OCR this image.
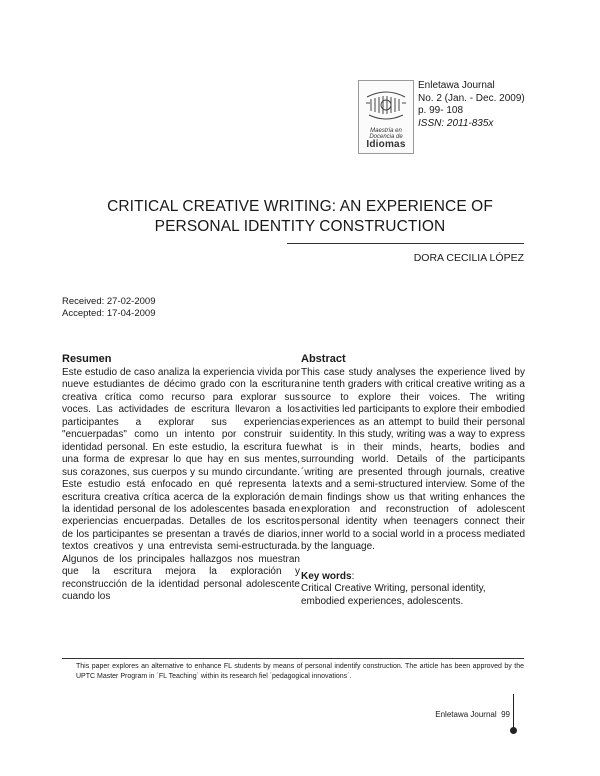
Maestría en
Docencia de
Idiomas
Enletawa Journal
No. 2 (Jan. - Dec. 2009)
p. 99- 108
ISSN: 2011-835x
CRITICAL CREATIVE WRITING: AN EXPERIENCE OF
PERSONAL IDENTITY CONSTRUCTION
DORA CECILIA LÓPEZ
Received: 27-02-2009
Accepted: 17-04-2009
Resumen

Este estudio de caso analiza la experiencia vivida por nueve estudiantes de décimo grado con la escritura creativa crítica como recurso para explorar sus voces. Las actividades de escritura llevaron a los participantes a explorar sus experiencias "encuerpadas" como un intento por construir su identidad personal. En este estudio, la escritura fue una forma de expresar lo que hay en sus mentes, sus corazones, sus cuerpos y su mundo circundante. Este estudio está enfocado en qué representa la escritura creativa crítica acerca de la exploración de la identidad personal de los adolescentes basada en experiencias encuerpadas. Detalles de los escritos de los participantes se presentan a través de diarios, textos creativos y una entrevista semi-estructurada. Algunos de los principales hallazgos nos muestran que la escritura mejora la exploración y reconstrucción de la identidad personal adolescente cuando los

Abstract

This case study analyses the experience lived by nine tenth graders with critical creative writing as a source to explore their voices. The writing activities led participants to explore their embodied experiences as an attempt to build their personal identity. In this study, writing was a way to express what is in their minds, hearts, bodies and surrounding world. Details of the participants´writing are presented through journals, creative texts and a semi-structured interview. Some of the main findings show us that writing enhances the exploration and reconstruction of adolescent personal identity when teenagers connect their inner world to a social world in a process mediated by the language.

Key words:

Critical Creative Writing, personal identity, embodied experiences, adolescents.

This paper explores an alternative to enhance FL students by means of personal indentify construction. The article has been approved by the UPTC Master Program in ´FL Teaching´ within its research fiel ´pedagogical innovations´.
Enletawa Journal 99
